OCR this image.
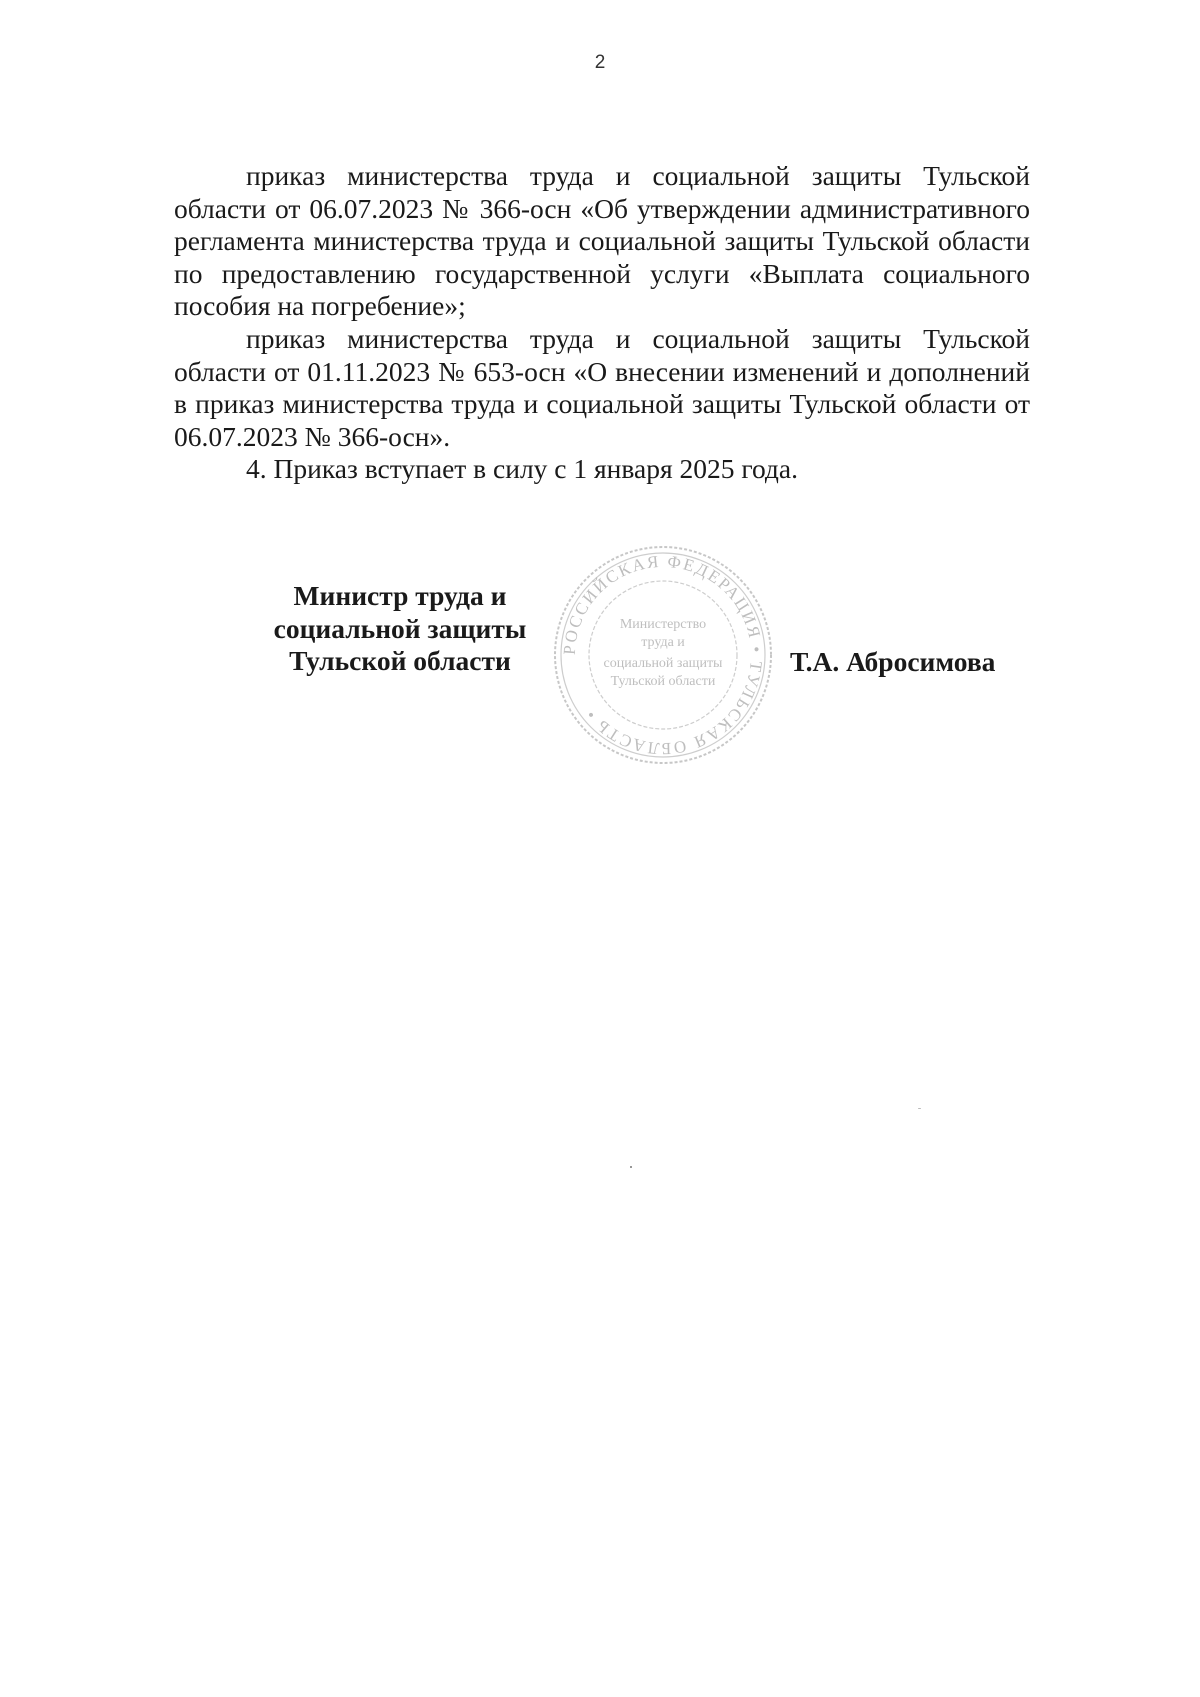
2

приказ министерства труда и социальной защиты Тульской области от 06.07.2023 № 366-осн «Об утверждении административного регламента министерства труда и социальной защиты Тульской области по предоставлению государственной услуги «Выплата социального пособия на погребение»;

приказ министерства труда и социальной защиты Тульской области от 01.11.2023 № 653-осн «О внесении изменений и дополнений в приказ министерства труда и социальной защиты Тульской области от 06.07.2023 № 366-осн».

4. Приказ вступает в силу с 1 января 2025 года.

Министр труда и
социальной защиты
Тульской области	РОССИЙСКАЯ ФЕДЕРАЦИЯ • ТУЛЬСКАЯ ОБЛАСТЬ •
Министерство
труда и
социальной защиты
Тульской области
Т.А. Абросимова
